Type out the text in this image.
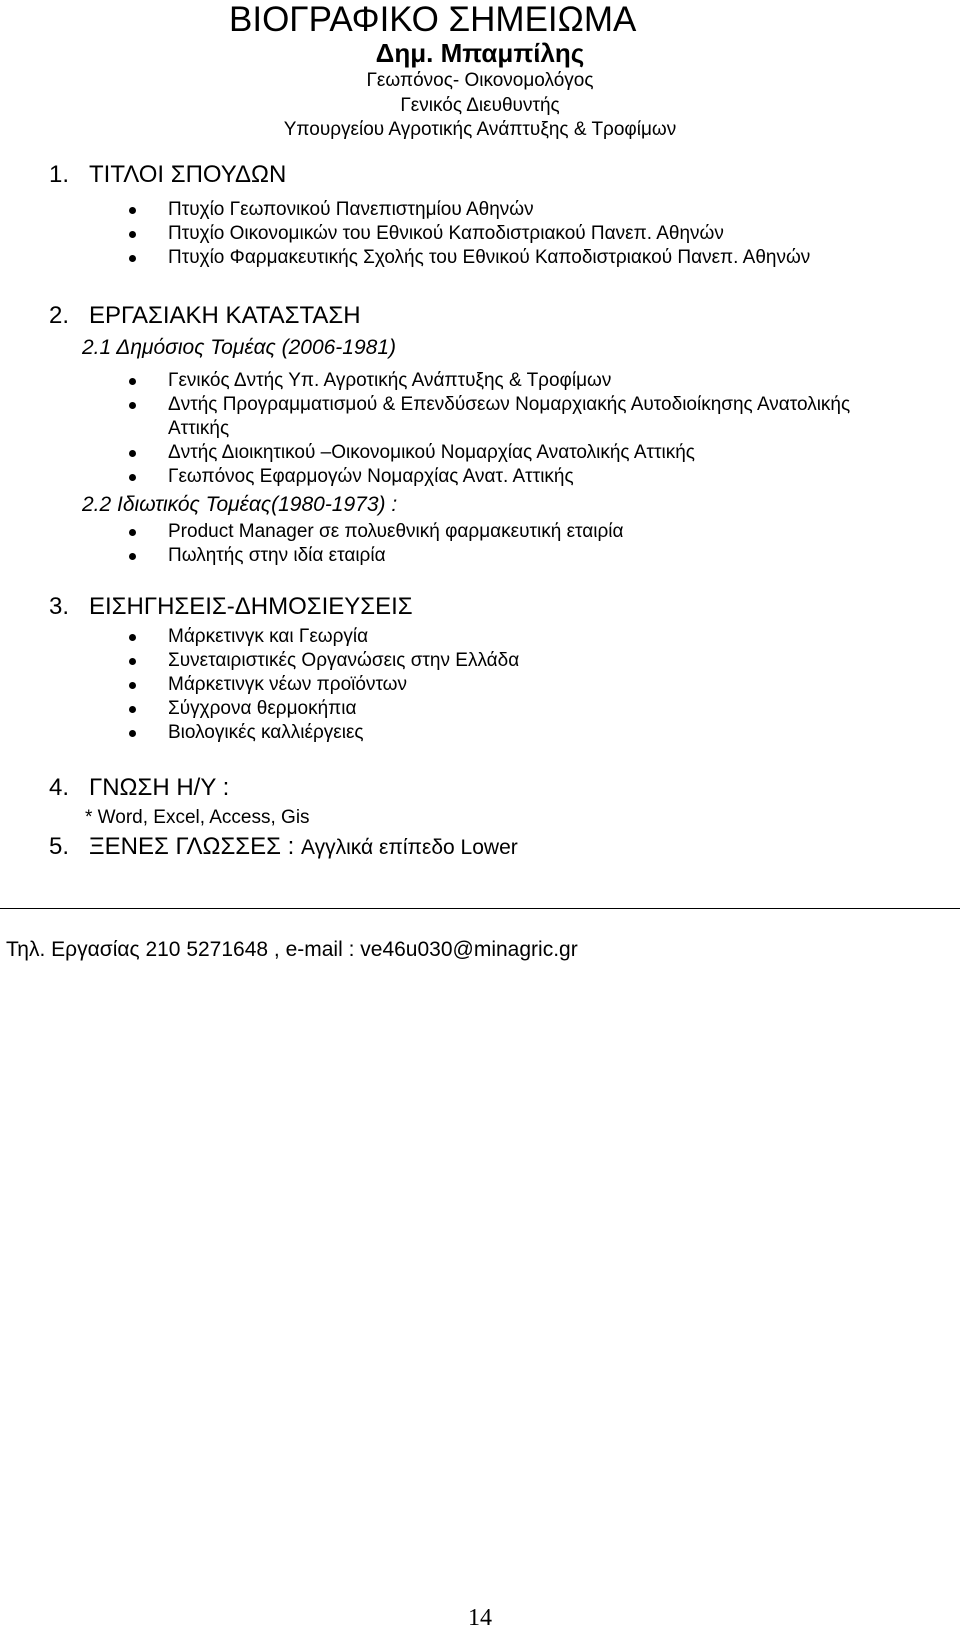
ΒΙΟΓΡΑΦΙΚΟ ΣΗΜΕΙΩΜΑ
Δημ. Μπαμπίλης
Γεωπόνος- Οικονομολόγος
Γενικός Διευθυντής
Υπουργείου Αγροτικής Ανάπτυξης & Τροφίμων
1. ΤΙΤΛΟΙ ΣΠΟΥΔΩΝ
Πτυχίο Γεωπονικού Πανεπιστημίου Αθηνών
Πτυχίο Οικονομικών του Εθνικού Καποδιστριακού Πανεπ. Αθηνών
Πτυχίο Φαρμακευτικής Σχολής του Εθνικού Καποδιστριακού Πανεπ. Αθηνών
2. ΕΡΓΑΣΙΑΚΗ ΚΑΤΑΣΤΑΣΗ
2.1 Δημόσιος Τομέας (2006-1981)
Γενικός Δντής Υπ. Αγροτικής Ανάπτυξης & Τροφίμων
Δντής Προγραμματισμού & Επενδύσεων Νομαρχιακής Αυτοδιοίκησης Ανατολικής Αττικής
Δντής Διοικητικού –Οικονομικού Νομαρχίας Ανατολικής Αττικής
Γεωπόνος Εφαρμογών Νομαρχίας Ανατ. Αττικής
2.2 Ιδιωτικός Τομέας(1980-1973) :
Product Manager σε πολυεθνική φαρμακευτική εταιρία
Πωλητής στην ιδία εταιρία
3. ΕΙΣΗΓΗΣΕΙΣ-ΔΗΜΟΣΙΕΥΣΕΙΣ
Μάρκετινγκ και Γεωργία
Συνεταιριστικές Οργανώσεις στην Ελλάδα
Μάρκετινγκ νέων προϊόντων
Σύγχρονα θερμοκήπια
Βιολογικές καλλιέργειες
4. ΓΝΩΣΗ Η/Υ :
* Word, Excel, Access, Gis
5. ΞΕΝΕΣ ΓΛΩΣΣΕΣ : Αγγλικά επίπεδο Lower
Τηλ. Εργασίας 210 5271648 , e-mail : ve46u030@minagric.gr
14
